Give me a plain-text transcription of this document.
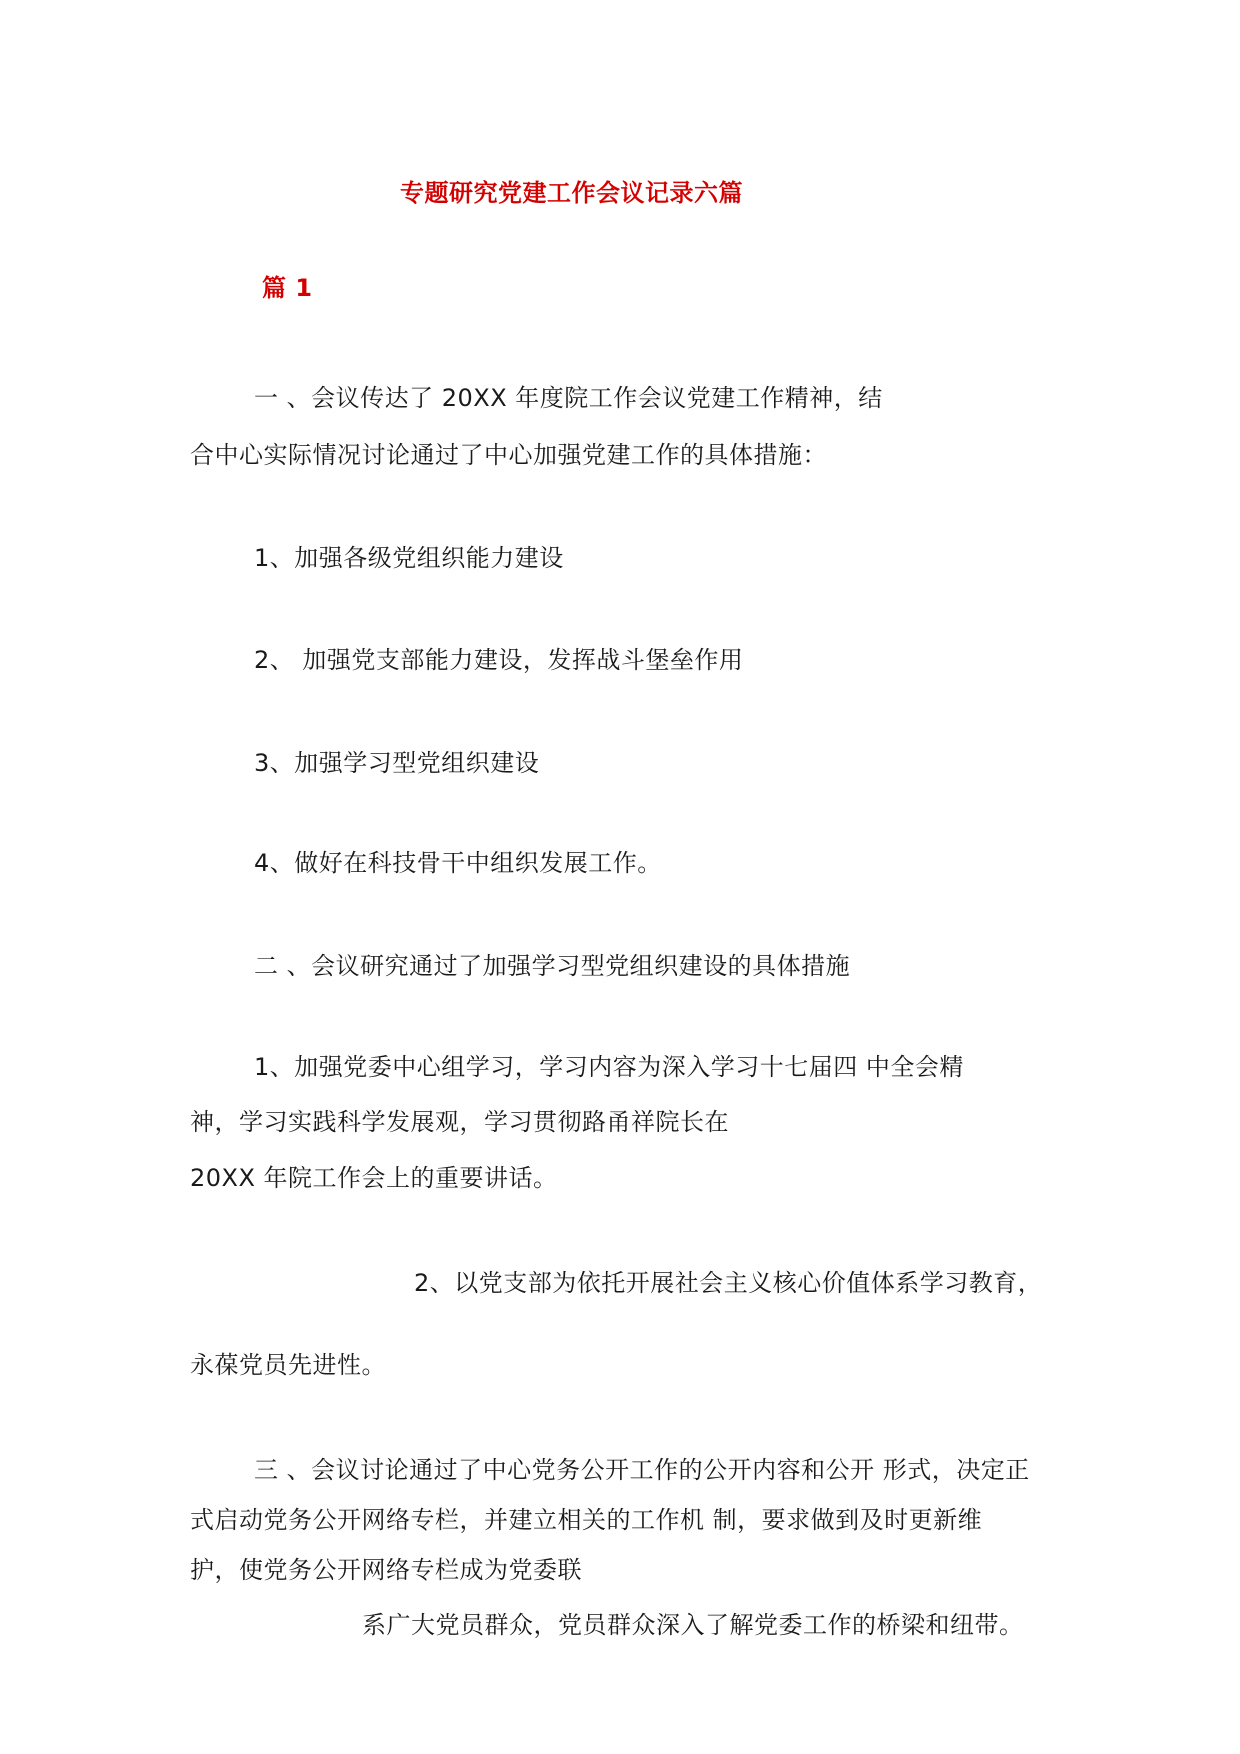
专题研究党建工作会议记录六篇
篇 1
一 、会议传达了 20XX 年度院工作会议党建工作精神，结
合中心实际情况讨论通过了中心加强党建工作的具体措施：
1、加强各级党组织能力建设
2、 加强党支部能力建设，发挥战斗堡垒作用
3、加强学习型党组织建设
4、做好在科技骨干中组织发展工作。
二 、会议研究通过了加强学习型党组织建设的具体措施
1、加强党委中心组学习，学习内容为深入学习十七届四 中全会精
神，学习实践科学发展观，学习贯彻路甬祥院长在
20XX 年院工作会上的重要讲话。
2、以党支部为依托开展社会主义核心价值体系学习教育，
永葆党员先进性。
三 、会议讨论通过了中心党务公开工作的公开内容和公开 形式，决定正
式启动党务公开网络专栏，并建立相关的工作机 制，要求做到及时更新维
护，使党务公开网络专栏成为党委联
系广大党员群众，党员群众深入了解党委工作的桥梁和纽带。
